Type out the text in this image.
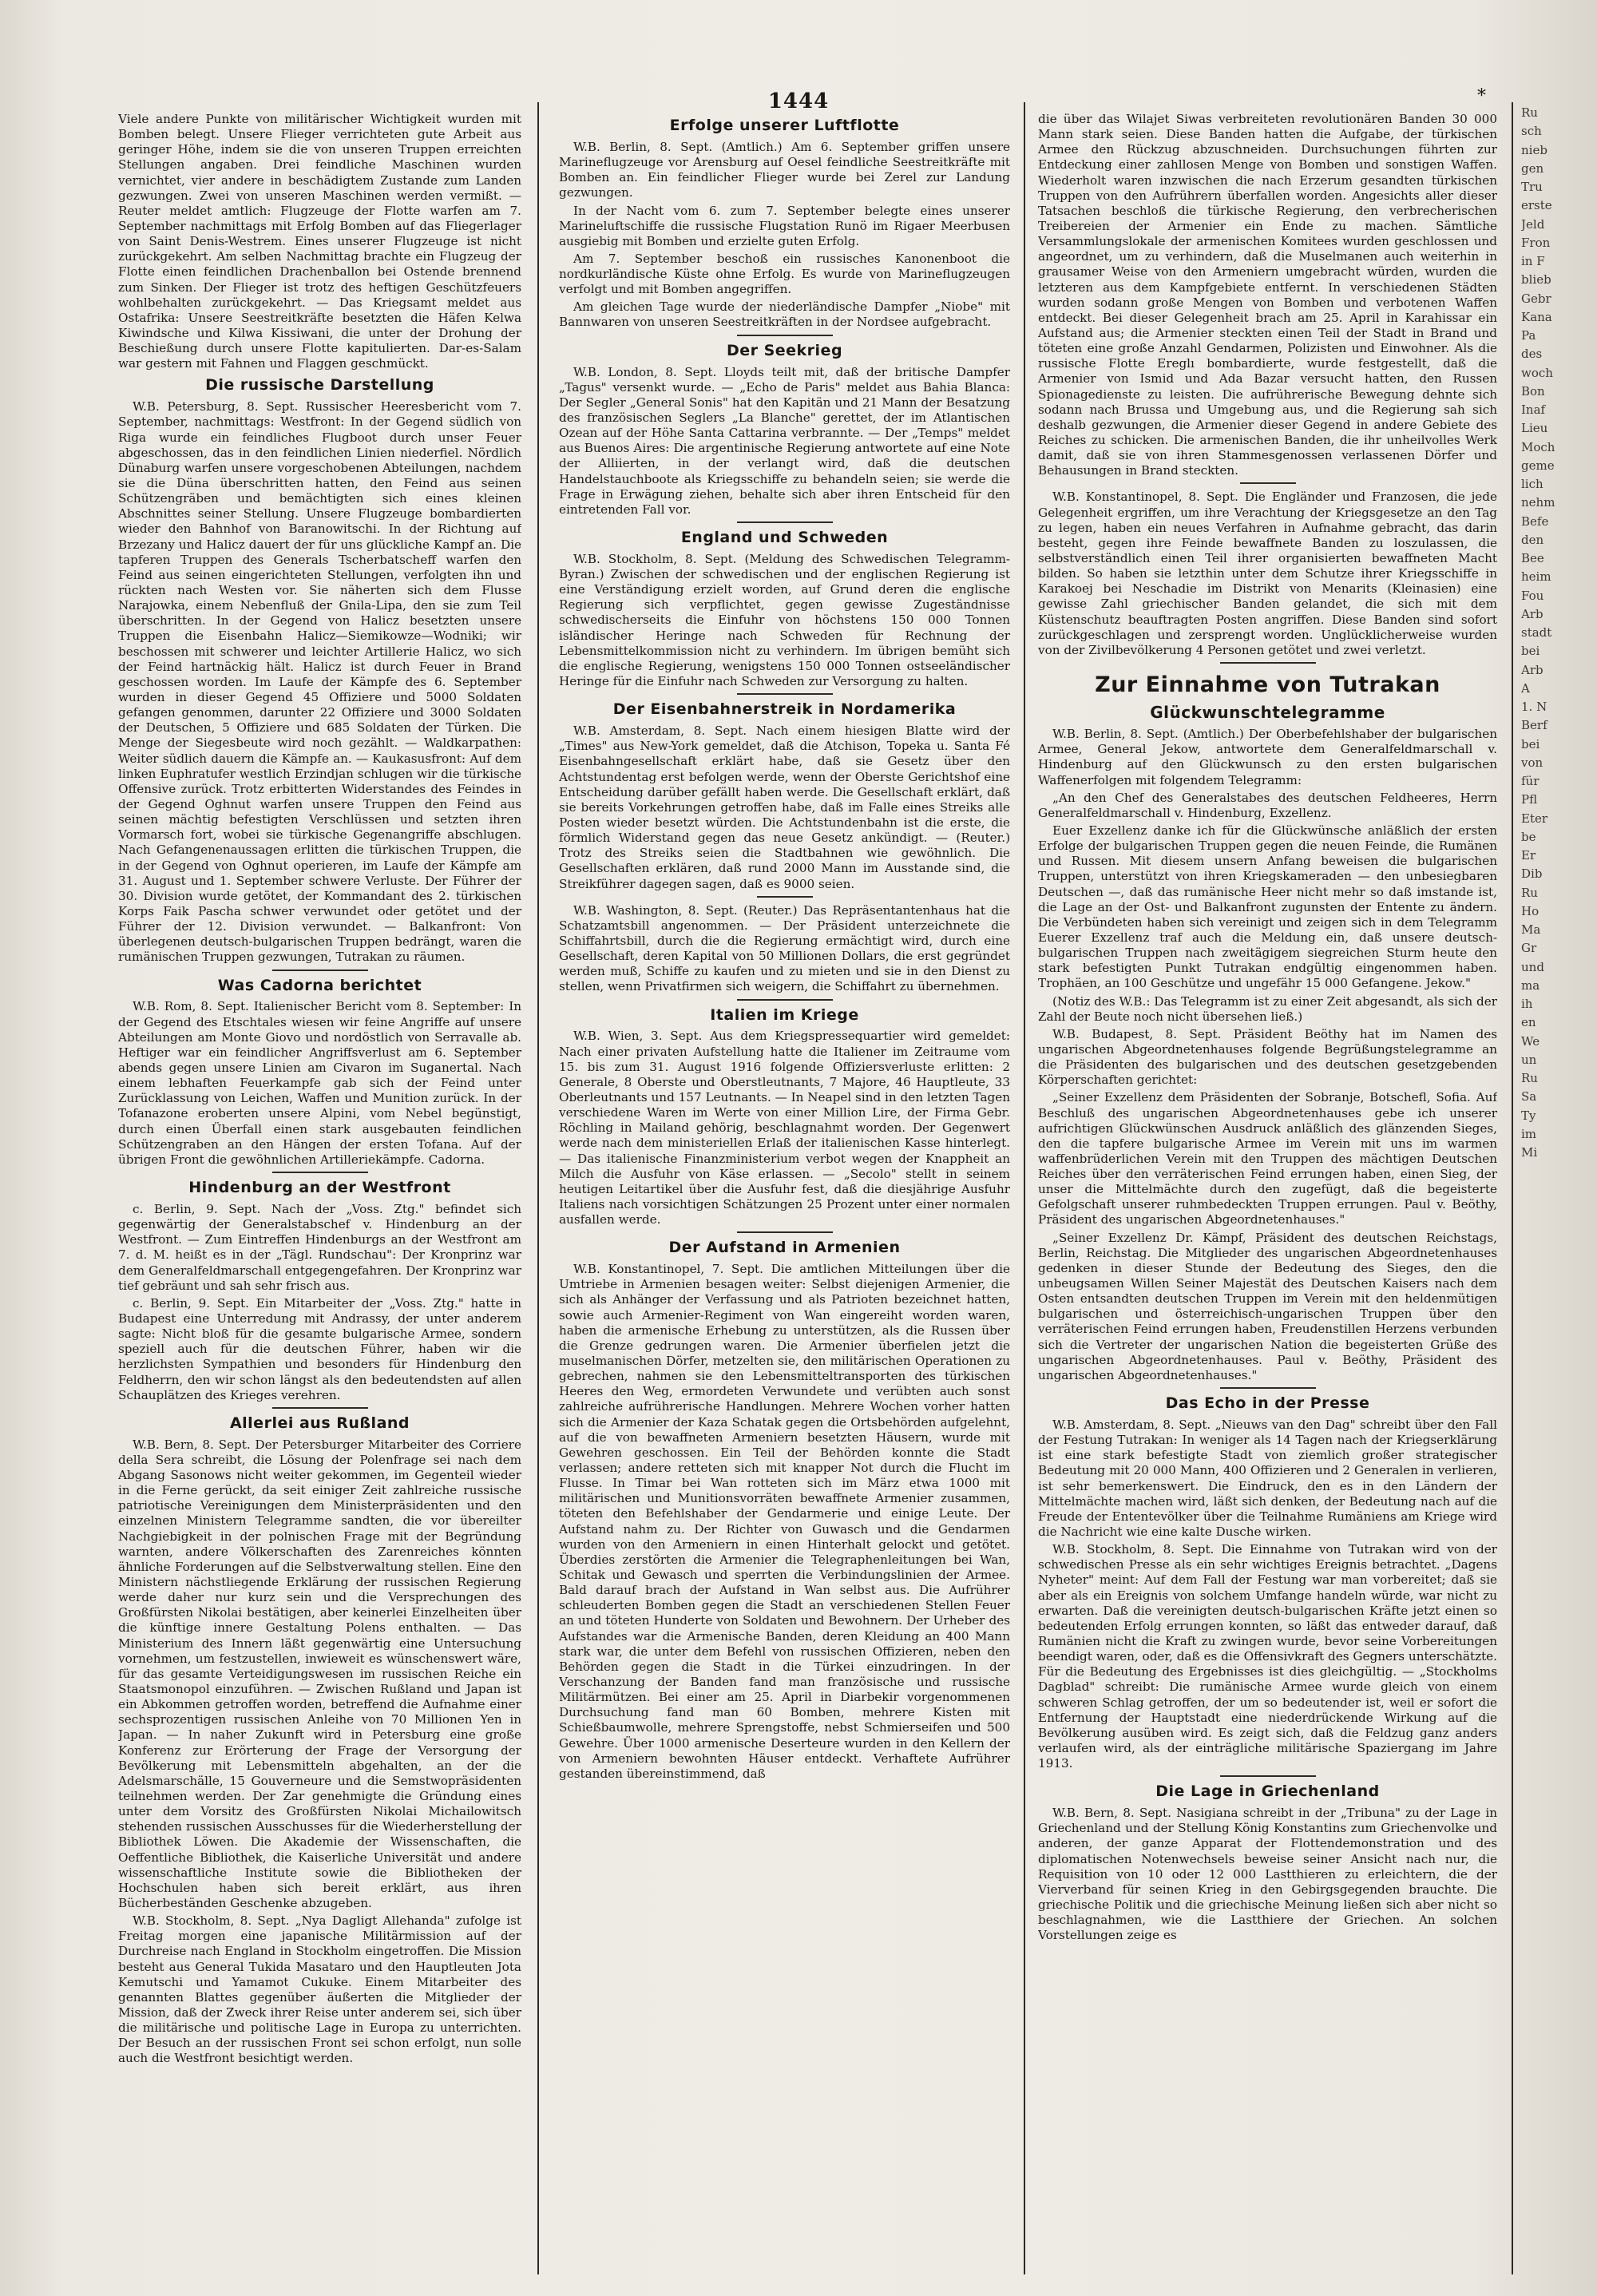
1444	*

Viele andere Punkte von militärischer Wichtigkeit wurden mit Bomben belegt. Unsere Flieger verrichteten gute Arbeit aus geringer Höhe, indem sie die von unseren Truppen erreichten Stellungen angaben. Drei feindliche Maschinen wurden vernichtet, vier andere in beschädigtem Zustande zum Landen gezwungen. Zwei von unseren Maschinen werden vermißt. — Reuter meldet amtlich: Flugzeuge der Flotte warfen am 7. September nachmittags mit Erfolg Bomben auf das Fliegerlager von Saint Denis-Westrem. Eines unserer Flugzeuge ist nicht zurückgekehrt. Am selben Nachmittag brachte ein Flugzeug der Flotte einen feindlichen Drachenballon bei Ostende brennend zum Sinken. Der Flieger ist trotz des heftigen Geschützfeuers wohlbehalten zurückgekehrt. — Das Kriegsamt meldet aus Ostafrika: Unsere Seestreitkräfte besetzten die Häfen Kelwa Kiwindsche und Kilwa Kissiwani, die unter der Drohung der Beschießung durch unsere Flotte kapitulierten. Dar-es-Salam war gestern mit Fahnen und Flaggen geschmückt.

Die russische Darstellung

W.B. Petersburg, 8. Sept. Russischer Heeresbericht vom 7. September, nachmittags: Westfront: In der Gegend südlich von Riga wurde ein feindliches Flugboot durch unser Feuer abgeschossen, das in den feindlichen Linien niederfiel. Nördlich Dünaburg warfen unsere vorgeschobenen Abteilungen, nachdem sie die Düna überschritten hatten, den Feind aus seinen Schützengräben und bemächtigten sich eines kleinen Abschnittes seiner Stellung. Unsere Flugzeuge bombardierten wieder den Bahnhof von Baranowitschi. In der Richtung auf Brzezany und Halicz dauert der für uns glückliche Kampf an. Die tapferen Truppen des Generals Tscherbatscheff warfen den Feind aus seinen eingerichteten Stellungen, verfolgten ihn und rückten nach Westen vor. Sie näherten sich dem Flusse Narajowka, einem Nebenfluß der Gnila-Lipa, den sie zum Teil überschritten. In der Gegend von Halicz besetzten unsere Truppen die Eisenbahn Halicz—Siemikowze—Wodniki; wir beschossen mit schwerer und leichter Artillerie Halicz, wo sich der Feind hartnäckig hält. Halicz ist durch Feuer in Brand geschossen worden. Im Laufe der Kämpfe des 6. September wurden in dieser Gegend 45 Offiziere und 5000 Soldaten gefangen genommen, darunter 22 Offiziere und 3000 Soldaten der Deutschen, 5 Offiziere und 685 Soldaten der Türken. Die Menge der Siegesbeute wird noch gezählt. — Waldkarpathen: Weiter südlich dauern die Kämpfe an. — Kaukasusfront: Auf dem linken Euphratufer westlich Erzindjan schlugen wir die türkische Offensive zurück. Trotz erbitterten Widerstandes des Feindes in der Gegend Oghnut warfen unsere Truppen den Feind aus seinen mächtig befestigten Verschlüssen und setzten ihren Vormarsch fort, wobei sie türkische Gegenangriffe abschlugen. Nach Gefangenenaussagen erlitten die türkischen Truppen, die in der Gegend von Oghnut operieren, im Laufe der Kämpfe am 31. August und 1. September schwere Verluste. Der Führer der 30. Division wurde getötet, der Kommandant des 2. türkischen Korps Faik Pascha schwer verwundet oder getötet und der Führer der 12. Division verwundet. — Balkanfront: Von überlegenen deutsch-bulgarischen Truppen bedrängt, waren die rumänischen Truppen gezwungen, Tutrakan zu räumen.

Was Cadorna berichtet

W.B. Rom, 8. Sept. Italienischer Bericht vom 8. September: In der Gegend des Etschtales wiesen wir feine Angriffe auf unsere Abteilungen am Monte Giovo und nordöstlich von Serravalle ab. Heftiger war ein feindlicher Angriffsverlust am 6. September abends gegen unsere Linien am Civaron im Suganertal. Nach einem lebhaften Feuerkampfe gab sich der Feind unter Zurücklassung von Leichen, Waffen und Munition zurück. In der Tofanazone eroberten unsere Alpini, vom Nebel begünstigt, durch einen Überfall einen stark ausgebauten feindlichen Schützengraben an den Hängen der ersten Tofana. Auf der übrigen Front die gewöhnlichen Artilleriekämpfe. Cadorna.

Hindenburg an der Westfront

c. Berlin, 9. Sept. Nach der „Voss. Ztg." befindet sich gegenwärtig der Generalstabschef v. Hindenburg an der Westfront. — Zum Eintreffen Hindenburgs an der Westfront am 7. d. M. heißt es in der „Tägl. Rundschau": Der Kronprinz war dem Generalfeldmarschall entgegengefahren. Der Kronprinz war tief gebräunt und sah sehr frisch aus.

c. Berlin, 9. Sept. Ein Mitarbeiter der „Voss. Ztg." hatte in Budapest eine Unterredung mit Andrassy, der unter anderem sagte: Nicht bloß für die gesamte bulgarische Armee, sondern speziell auch für die deutschen Führer, haben wir die herzlichsten Sympathien und besonders für Hindenburg den Feldherrn, den wir schon längst als den bedeutendsten auf allen Schauplätzen des Krieges verehren.

Allerlei aus Rußland

W.B. Bern, 8. Sept. Der Petersburger Mitarbeiter des Corriere della Sera schreibt, die Lösung der Polenfrage sei nach dem Abgang Sasonows nicht weiter gekommen, im Gegenteil wieder in die Ferne gerückt, da seit einiger Zeit zahlreiche russische patriotische Vereinigungen dem Ministerpräsidenten und den einzelnen Ministern Telegramme sandten, die vor übereilter Nachgiebigkeit in der polnischen Frage mit der Begründung warnten, andere Völkerschaften des Zarenreiches könnten ähnliche Forderungen auf die Selbstverwaltung stellen. Eine den Ministern nächstliegende Erklärung der russischen Regierung werde daher nur kurz sein und die Versprechungen des Großfürsten Nikolai bestätigen, aber keinerlei Einzelheiten über die künftige innere Gestaltung Polens enthalten. — Das Ministerium des Innern läßt gegenwärtig eine Untersuchung vornehmen, um festzustellen, inwieweit es wünschenswert wäre, für das gesamte Verteidigungswesen im russischen Reiche ein Staatsmonopol einzuführen. — Zwischen Rußland und Japan ist ein Abkommen getroffen worden, betreffend die Aufnahme einer sechsprozentigen russischen Anleihe von 70 Millionen Yen in Japan. — In naher Zukunft wird in Petersburg eine große Konferenz zur Erörterung der Frage der Versorgung der Bevölkerung mit Lebensmitteln abgehalten, an der die Adelsmarschälle, 15 Gouverneure und die Semstwopräsidenten teilnehmen werden. Der Zar genehmigte die Gründung eines unter dem Vorsitz des Großfürsten Nikolai Michailowitsch stehenden russischen Ausschusses für die Wiederherstellung der Bibliothek Löwen. Die Akademie der Wissenschaften, die Oeffentliche Bibliothek, die Kaiserliche Universität und andere wissenschaftliche Institute sowie die Bibliotheken der Hochschulen haben sich bereit erklärt, aus ihren Bücherbeständen Geschenke abzugeben.

W.B. Stockholm, 8. Sept. „Nya Dagligt Allehanda" zufolge ist Freitag morgen eine japanische Militärmission auf der Durchreise nach England in Stockholm eingetroffen. Die Mission besteht aus General Tukida Masataro und den Hauptleuten Jota Kemutschi und Yamamot Cukuke. Einem Mitarbeiter des genannten Blattes gegenüber äußerten die Mitglieder der Mission, daß der Zweck ihrer Reise unter anderem sei, sich über die militärische und politische Lage in Europa zu unterrichten. Der Besuch an der russischen Front sei schon erfolgt, nun solle auch die Westfront besichtigt werden.

Erfolge unserer Luftflotte

W.B. Berlin, 8. Sept. (Amtlich.) Am 6. September griffen unsere Marineflugzeuge vor Arensburg auf Oesel feindliche Seestreitkräfte mit Bomben an. Ein feindlicher Flieger wurde bei Zerel zur Landung gezwungen.

In der Nacht vom 6. zum 7. September belegte eines unserer Marineluftschiffe die russische Flugstation Runö im Rigaer Meerbusen ausgiebig mit Bomben und erzielte guten Erfolg.

Am 7. September beschoß ein russisches Kanonenboot die nordkurländische Küste ohne Erfolg. Es wurde von Marineflugzeugen verfolgt und mit Bomben angegriffen.

Am gleichen Tage wurde der niederländische Dampfer „Niobe" mit Bannwaren von unseren Seestreitkräften in der Nordsee aufgebracht.

Der Seekrieg

W.B. London, 8. Sept. Lloyds teilt mit, daß der britische Dampfer „Tagus" versenkt wurde. — „Echo de Paris" meldet aus Bahia Blanca: Der Segler „General Sonis" hat den Kapitän und 21 Mann der Besatzung des französischen Seglers „La Blanche" gerettet, der im Atlantischen Ozean auf der Höhe Santa Cattarina verbrannte. — Der „Temps" meldet aus Buenos Aires: Die argentinische Regierung antwortete auf eine Note der Alliierten, in der verlangt wird, daß die deutschen Handelstauchboote als Kriegsschiffe zu behandeln seien; sie werde die Frage in Erwägung ziehen, behalte sich aber ihren Entscheid für den eintretenden Fall vor.

England und Schweden

W.B. Stockholm, 8. Sept. (Meldung des Schwedischen Telegramm-Byran.) Zwischen der schwedischen und der englischen Regierung ist eine Verständigung erzielt worden, auf Grund deren die englische Regierung sich verpflichtet, gegen gewisse Zugeständnisse schwedischerseits die Einfuhr von höchstens 150 000 Tonnen isländischer Heringe nach Schweden für Rechnung der Lebensmittelkommission nicht zu verhindern. Im übrigen bemüht sich die englische Regierung, wenigstens 150 000 Tonnen ostseeländischer Heringe für die Einfuhr nach Schweden zur Versorgung zu halten.

Der Eisenbahnerstreik in Nordamerika

W.B. Amsterdam, 8. Sept. Nach einem hiesigen Blatte wird der „Times" aus New-York gemeldet, daß die Atchison, Topeka u. Santa Fé Eisenbahngesellschaft erklärt habe, daß sie Gesetz über den Achtstundentag erst befolgen werde, wenn der Oberste Gerichtshof eine Entscheidung darüber gefällt haben werde. Die Gesellschaft erklärt, daß sie bereits Vorkehrungen getroffen habe, daß im Falle eines Streiks alle Posten wieder besetzt würden. Die Achtstundenbahn ist die erste, die förmlich Widerstand gegen das neue Gesetz ankündigt. — (Reuter.) Trotz des Streiks seien die Stadtbahnen wie gewöhnlich. Die Gesellschaften erklären, daß rund 2000 Mann im Ausstande sind, die Streikführer dagegen sagen, daß es 9000 seien.

W.B. Washington, 8. Sept. (Reuter.) Das Repräsentantenhaus hat die Schatzamtsbill angenommen. — Der Präsident unterzeichnete die Schiffahrtsbill, durch die die Regierung ermächtigt wird, durch eine Gesellschaft, deren Kapital von 50 Millionen Dollars, die erst gegründet werden muß, Schiffe zu kaufen und zu mieten und sie in den Dienst zu stellen, wenn Privatfirmen sich weigern, die Schiffahrt zu übernehmen.

Italien im Kriege

W.B. Wien, 3. Sept. Aus dem Kriegspressequartier wird gemeldet: Nach einer privaten Aufstellung hatte die Italiener im Zeitraume vom 15. bis zum 31. August 1916 folgende Offiziersverluste erlitten: 2 Generale, 8 Oberste und Oberstleutnants, 7 Majore, 46 Hauptleute, 33 Oberleutnants und 157 Leutnants. — In Neapel sind in den letzten Tagen verschiedene Waren im Werte von einer Million Lire, der Firma Gebr. Röchling in Mailand gehörig, beschlagnahmt worden. Der Gegenwert werde nach dem ministeriellen Erlaß der italienischen Kasse hinterlegt. — Das italienische Finanzministerium verbot wegen der Knappheit an Milch die Ausfuhr von Käse erlassen. — „Secolo" stellt in seinem heutigen Leitartikel über die Ausfuhr fest, daß die diesjährige Ausfuhr Italiens nach vorsichtigen Schätzungen 25 Prozent unter einer normalen ausfallen werde.

Der Aufstand in Armenien

W.B. Konstantinopel, 7. Sept. Die amtlichen Mitteilungen über die Umtriebe in Armenien besagen weiter: Selbst diejenigen Armenier, die sich als Anhänger der Verfassung und als Patrioten bezeichnet hatten, sowie auch Armenier-Regiment von Wan eingereiht worden waren, haben die armenische Erhebung zu unterstützen, als die Russen über die Grenze gedrungen waren. Die Armenier überfielen jetzt die muselmanischen Dörfer, metzelten sie, den militärischen Operationen zu gebrechen, nahmen sie den Lebensmitteltransporten des türkischen Heeres den Weg, ermordeten Verwundete und verübten auch sonst zahlreiche aufrührerische Handlungen. Mehrere Wochen vorher hatten sich die Armenier der Kaza Schatak gegen die Ortsbehörden aufgelehnt, auf die von bewaffneten Armeniern besetzten Häusern, wurde mit Gewehren geschossen. Ein Teil der Behörden konnte die Stadt verlassen; andere retteten sich mit knapper Not durch die Flucht im Flusse. In Timar bei Wan rotteten sich im März etwa 1000 mit militärischen und Munitionsvorräten bewaffnete Armenier zusammen, töteten den Befehlshaber der Gendarmerie und einige Leute. Der Aufstand nahm zu. Der Richter von Guwasch und die Gendarmen wurden von den Armeniern in einen Hinterhalt gelockt und getötet. Überdies zerstörten die Armenier die Telegraphenleitungen bei Wan, Schitak und Gewasch und sperrten die Verbindungslinien der Armee. Bald darauf brach der Aufstand in Wan selbst aus. Die Aufrührer schleuderten Bomben gegen die Stadt an verschiedenen Stellen Feuer an und töteten Hunderte von Soldaten und Bewohnern. Der Urheber des Aufstandes war die Armenische Banden, deren Kleidung an 400 Mann stark war, die unter dem Befehl von russischen Offizieren, neben den Behörden gegen die Stadt in die Türkei einzudringen. In der Verschanzung der Banden fand man französische und russische Militärmützen. Bei einer am 25. April in Diarbekir vorgenommenen Durchsuchung fand man 60 Bomben, mehrere Kisten mit Schießbaumwolle, mehrere Sprengstoffe, nebst Schmierseifen und 500 Gewehre. Über 1000 armenische Deserteure wurden in den Kellern der von Armeniern bewohnten Häuser entdeckt. Verhaftete Aufrührer gestanden übereinstimmend, daß

die über das Wilajet Siwas verbreiteten revolutionären Banden 30 000 Mann stark seien. Diese Banden hatten die Aufgabe, der türkischen Armee den Rückzug abzuschneiden. Durchsuchungen führten zur Entdeckung einer zahllosen Menge von Bomben und sonstigen Waffen. Wiederholt waren inzwischen die nach Erzerum gesandten türkischen Truppen von den Aufrührern überfallen worden. Angesichts aller dieser Tatsachen beschloß die türkische Regierung, den verbrecherischen Treibereien der Armenier ein Ende zu machen. Sämtliche Versammlungslokale der armenischen Komitees wurden geschlossen und angeordnet, um zu verhindern, daß die Muselmanen auch weiterhin in grausamer Weise von den Armeniern umgebracht würden, wurden die letzteren aus dem Kampfgebiete entfernt. In verschiedenen Städten wurden sodann große Mengen von Bomben und verbotenen Waffen entdeckt. Bei dieser Gelegenheit brach am 25. April in Karahissar ein Aufstand aus; die Armenier steckten einen Teil der Stadt in Brand und töteten eine große Anzahl Gendarmen, Polizisten und Einwohner. Als die russische Flotte Ereglı bombardierte, wurde festgestellt, daß die Armenier von Ismid und Ada Bazar versucht hatten, den Russen Spionagedienste zu leisten. Die aufrührerische Bewegung dehnte sich sodann nach Brussa und Umgebung aus, und die Regierung sah sich deshalb gezwungen, die Armenier dieser Gegend in andere Gebiete des Reiches zu schicken. Die armenischen Banden, die ihr unheilvolles Werk damit, daß sie von ihren Stammesgenossen verlassenen Dörfer und Behausungen in Brand steckten.

W.B. Konstantinopel, 8. Sept. Die Engländer und Franzosen, die jede Gelegenheit ergriffen, um ihre Verachtung der Kriegsgesetze an den Tag zu legen, haben ein neues Verfahren in Aufnahme gebracht, das darin besteht, gegen ihre Feinde bewaffnete Banden zu loszulassen, die selbstverständlich einen Teil ihrer organisierten bewaffneten Macht bilden. So haben sie letzthin unter dem Schutze ihrer Kriegsschiffe in Karakoej bei Neschadie im Distrikt von Menarits (Kleinasien) eine gewisse Zahl griechischer Banden gelandet, die sich mit dem Küstenschutz beauftragten Posten angriffen. Diese Banden sind sofort zurückgeschlagen und zersprengt worden. Unglücklicherweise wurden von der Zivilbevölkerung 4 Personen getötet und zwei verletzt.

Zur Einnahme von Tutrakan
Glückwunschtelegramme

W.B. Berlin, 8. Sept. (Amtlich.) Der Oberbefehlshaber der bulgarischen Armee, General Jekow, antwortete dem Generalfeldmarschall v. Hindenburg auf den Glückwunsch zu den ersten bulgarischen Waffenerfolgen mit folgendem Telegramm:

„An den Chef des Generalstabes des deutschen Feldheeres, Herrn Generalfeldmarschall v. Hindenburg, Exzellenz.

Euer Exzellenz danke ich für die Glückwünsche anläßlich der ersten Erfolge der bulgarischen Truppen gegen die neuen Feinde, die Rumänen und Russen. Mit diesem unsern Anfang beweisen die bulgarischen Truppen, unterstützt von ihren Kriegskameraden — den unbesiegbaren Deutschen —, daß das rumänische Heer nicht mehr so daß imstande ist, die Lage an der Ost- und Balkanfront zugunsten der Entente zu ändern. Die Verbündeten haben sich vereinigt und zeigen sich in dem Telegramm Euerer Exzellenz traf auch die Meldung ein, daß unsere deutsch-bulgarischen Truppen nach zweitägigem siegreichen Sturm heute den stark befestigten Punkt Tutrakan endgültig eingenommen haben. Trophäen, an 100 Geschütze und ungefähr 15 000 Gefangene. Jekow."

(Notiz des W.B.: Das Telegramm ist zu einer Zeit abgesandt, als sich der Zahl der Beute noch nicht übersehen ließ.)

W.B. Budapest, 8. Sept. Präsident Beöthy hat im Namen des ungarischen Abgeordnetenhauses folgende Begrüßungstelegramme an die Präsidenten des bulgarischen und des deutschen gesetzgebenden Körperschaften gerichtet:

„Seiner Exzellenz dem Präsidenten der Sobranje, Botschefl, Sofia. Auf Beschluß des ungarischen Abgeordnetenhauses gebe ich unserer aufrichtigen Glückwünschen Ausdruck anläßlich des glänzenden Sieges, den die tapfere bulgarische Armee im Verein mit uns im warmen waffenbrüderlichen Verein mit den Truppen des mächtigen Deutschen Reiches über den verräterischen Feind errungen haben, einen Sieg, der unser die Mittelmächte durch den zugefügt, daß die begeisterte Gefolgschaft unserer ruhmbedeckten Truppen errungen. Paul v. Beöthy, Präsident des ungarischen Abgeordnetenhauses."

„Seiner Exzellenz Dr. Kämpf, Präsident des deutschen Reichstags, Berlin, Reichstag. Die Mitglieder des ungarischen Abgeordnetenhauses gedenken in dieser Stunde der Bedeutung des Sieges, den die unbeugsamen Willen Seiner Majestät des Deutschen Kaisers nach dem Osten entsandten deutschen Truppen im Verein mit den heldenmütigen bulgarischen und österreichisch-ungarischen Truppen über den verräterischen Feind errungen haben, Freudenstillen Herzens verbunden sich die Vertreter der ungarischen Nation die begeisterten Grüße des ungarischen Abgeordnetenhauses. Paul v. Beöthy, Präsident des ungarischen Abgeordnetenhauses."

Das Echo in der Presse

W.B. Amsterdam, 8. Sept. „Nieuws van den Dag" schreibt über den Fall der Festung Tutrakan: In weniger als 14 Tagen nach der Kriegserklärung ist eine stark befestigte Stadt von ziemlich großer strategischer Bedeutung mit 20 000 Mann, 400 Offizieren und 2 Generalen in verlieren, ist sehr bemerkenswert. Die Eindruck, den es in den Ländern der Mittelmächte machen wird, läßt sich denken, der Bedeutung nach auf die Freude der Ententevölker über die Teilnahme Rumäniens am Kriege wird die Nachricht wie eine kalte Dusche wirken.

W.B. Stockholm, 8. Sept. Die Einnahme von Tutrakan wird von der schwedischen Presse als ein sehr wichtiges Ereignis betrachtet. „Dagens Nyheter" meint: Auf dem Fall der Festung war man vorbereitet; daß sie aber als ein Ereignis von solchem Umfange handeln würde, war nicht zu erwarten. Daß die vereinigten deutsch-bulgarischen Kräfte jetzt einen so bedeutenden Erfolg errungen konnten, so läßt das entweder darauf, daß Rumänien nicht die Kraft zu zwingen wurde, bevor seine Vorbereitungen beendigt waren, oder, daß es die Offensivkraft des Gegners unterschätzte. Für die Bedeutung des Ergebnisses ist dies gleichgültig. — „Stockholms Dagblad" schreibt: Die rumänische Armee wurde gleich von einem schweren Schlag getroffen, der um so bedeutender ist, weil er sofort die Entfernung der Hauptstadt eine niederdrückende Wirkung auf die Bevölkerung ausüben wird. Es zeigt sich, daß die Feldzug ganz anders verlaufen wird, als der einträgliche militärische Spaziergang im Jahre 1913.

Die Lage in Griechenland

W.B. Bern, 8. Sept. Nasigiana schreibt in der „Tribuna" zu der Lage in Griechenland und der Stellung König Konstantins zum Griechenvolke und anderen, der ganze Apparat der Flottendemonstration und des diplomatischen Notenwechsels beweise seiner Ansicht nach nur, die Requisition von 10 oder 12 000 Lastthieren zu erleichtern, die der Vierverband für seinen Krieg in den Gebirgsgegenden brauchte. Die griechische Politik und die griechische Meinung ließen sich aber nicht so beschlagnahmen, wie die Lastthiere der Griechen. An solchen Vorstellungen zeige es

Ru
sch
nieb
gen
Tru
erste
Jeld
Fron
in F
blieb
Gebr
Kana
Pa
des
woch
Bon
Inaf
Lieu
Moch
geme
lich
nehm
Befe
den
Bee
heim
Fou
Arb
stadt
bei
Arb
A
1. N
Berf
bei
von
für
Pfl
Eter
be
Er
Dib
Ru
Ho
Ma
Gr
und
ma
ih
en
We
un
Ru
Sa
Ty
im
Mi
